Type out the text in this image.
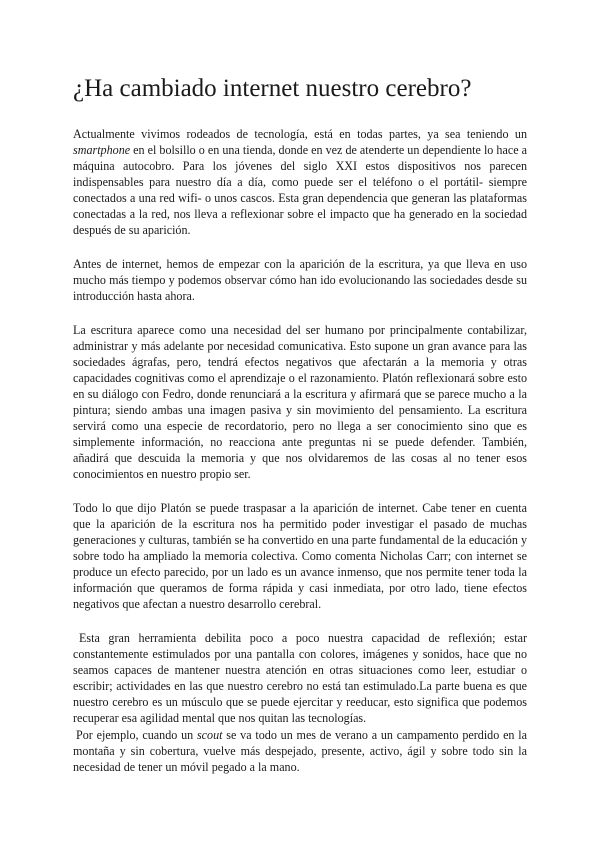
¿Ha cambiado internet nuestro cerebro?

Actualmente vivimos rodeados de tecnología, está en todas partes, ya sea teniendo un smartphone en el bolsillo o en una tienda, donde en vez de atenderte un dependiente lo hace a máquina autocobro. Para los jóvenes del siglo XXI estos dispositivos nos parecen indispensables para nuestro día a día, como puede ser el teléfono o el portátil- siempre conectados a una red wifi- o unos cascos. Esta gran dependencia que generan las plataformas conectadas a la red, nos lleva a reflexionar sobre el impacto que ha generado en la sociedad después de su aparición.

Antes de internet, hemos de empezar con la aparición de la escritura, ya que lleva en uso mucho más tiempo y podemos observar cómo han ido evolucionando las sociedades desde su introducción hasta ahora.

La escritura aparece como una necesidad del ser humano por principalmente contabilizar, administrar y más adelante por necesidad comunicativa. Esto supone un gran avance para las sociedades ágrafas, pero, tendrá efectos negativos que afectarán a la memoria y otras capacidades cognitivas como el aprendizaje o el razonamiento. Platón reflexionará sobre esto en su diálogo con Fedro, donde renunciará a la escritura y afirmará que se parece mucho a la pintura; siendo ambas una imagen pasiva y sin movimiento del pensamiento. La escritura servirá como una especie de recordatorio, pero no llega a ser conocimiento sino que es simplemente información, no reacciona ante preguntas ni se puede defender. También, añadirá que descuida la memoria y que nos olvidaremos de las cosas al no tener esos conocimientos en nuestro propio ser.

Todo lo que dijo Platón se puede traspasar a la aparición de internet. Cabe tener en cuenta que la aparición de la escritura nos ha permitido poder investigar el pasado de muchas generaciones y culturas, también se ha convertido en una parte fundamental de la educación y sobre todo ha ampliado la memoria colectiva. Como comenta Nicholas Carr; con internet se produce un efecto parecido, por un lado es un avance inmenso, que nos permite tener toda la información que queramos de forma rápida y casi inmediata, por otro lado, tiene efectos negativos que afectan a nuestro desarrollo cerebral.

Esta gran herramienta debilita poco a poco nuestra capacidad de reflexión; estar constantemente estimulados por una pantalla con colores, imágenes y sonidos, hace que no seamos capaces de mantener nuestra atención en otras situaciones como leer, estudiar o escribir; actividades en las que nuestro cerebro no está tan estimulado.La parte buena es que nuestro cerebro es un músculo que se puede ejercitar y reeducar, esto significa que podemos recuperar esa agilidad mental que nos quitan las tecnologías.

Por ejemplo, cuando un scout se va todo un mes de verano a un campamento perdido en la montaña y sin cobertura, vuelve más despejado, presente, activo, ágil y sobre todo sin la necesidad de tener un móvil pegado a la mano.
